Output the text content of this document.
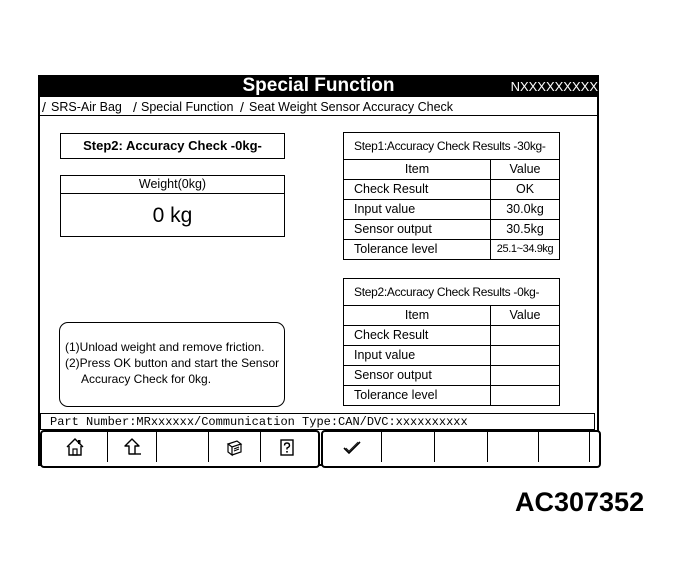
Special Function	NXXXXXXXXX
/ SRS-Air Bag / Special Function / Seat Weight Sensor Accuracy Check
Step2: Accuracy Check -0kg-
Weight(0kg)
0 kg
(1)Unload weight and remove friction.
(2)Press OK button and start the Sensor
Accuracy Check for 0kg.
Step1:Accuracy Check Results -30kg-	
Item	Value
Check Result	OK
Input value	30.0kg
Sensor output	30.5kg
Tolerance level	25.1~34.9kg
Step2:Accuracy Check Results -0kg-	
Item	Value
Check Result	
Input value	
Sensor output	
Tolerance level	
Part Number:MRxxxxxx/Communication Type:CAN/DVC:xxxxxxxxxx
AC307352
